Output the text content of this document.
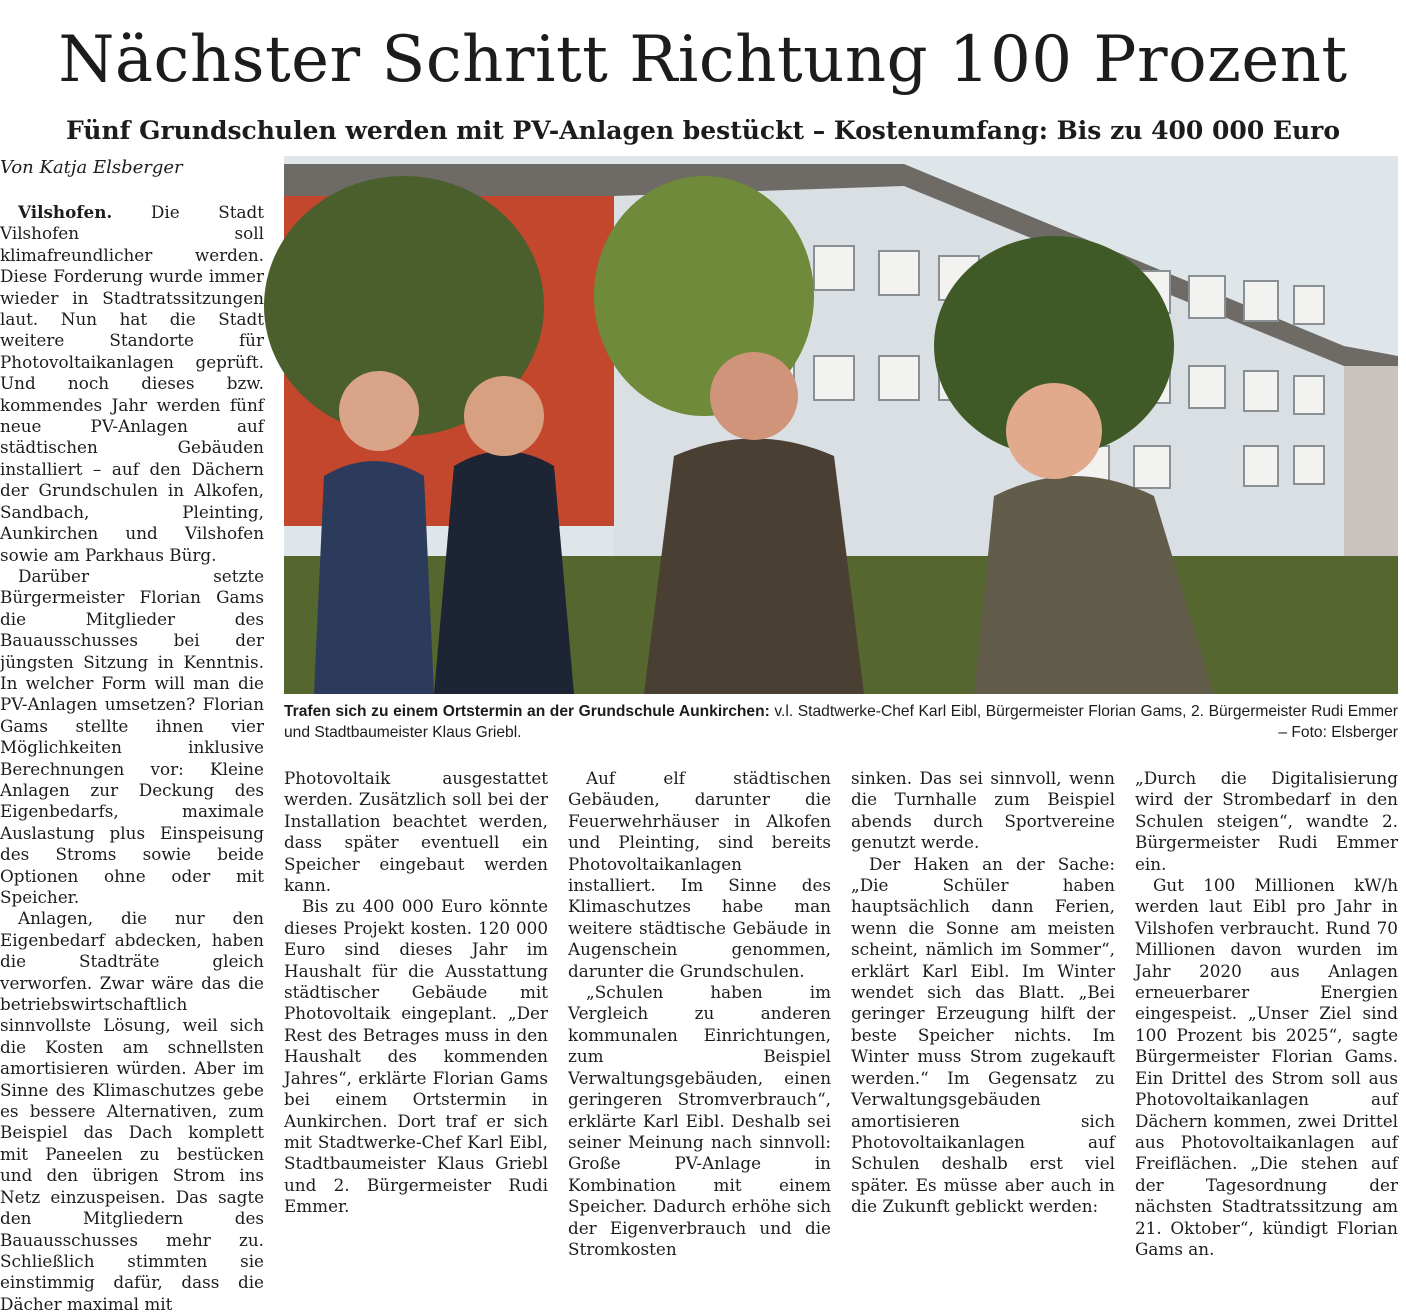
Nächster Schritt Richtung 100 Prozent
Fünf Grundschulen werden mit PV-Anlagen bestückt – Kostenumfang: Bis zu 400 000 Euro
Von Katja Elsberger

Vilshofen. Die Stadt Vilshofen soll klimafreundlicher werden. Diese Forderung wurde immer wieder in Stadtratssitzungen laut. Nun hat die Stadt weitere Standorte für Photovoltaikanlagen geprüft. Und noch dieses bzw. kommendes Jahr werden fünf neue PV-Anlagen auf städtischen Gebäuden installiert – auf den Dächern der Grundschulen in Alkofen, Sandbach, Pleinting, Aunkirchen und Vilshofen sowie am Parkhaus Bürg.

Darüber setzte Bürgermeister Florian Gams die Mitglieder des Bauausschusses bei der jüngsten Sitzung in Kenntnis. In welcher Form will man die PV-Anlagen umsetzen? Florian Gams stellte ihnen vier Möglichkeiten inklusive Berechnungen vor: Kleine Anlagen zur Deckung des Eigenbedarfs, maximale Auslastung plus Einspeisung des Stroms sowie beide Optionen ohne oder mit Speicher.

Anlagen, die nur den Eigenbedarf abdecken, haben die Stadträte gleich verworfen. Zwar wäre das die betriebswirtschaftlich sinnvollste Lösung, weil sich die Kosten am schnellsten amortisieren würden. Aber im Sinne des Klimaschutzes gebe es bessere Alternativen, zum Beispiel das Dach komplett mit Paneelen zu bestücken und den übrigen Strom ins Netz einzuspeisen. Das sagte den Mitgliedern des Bauausschusses mehr zu. Schließlich stimmten sie einstimmig dafür, dass die Dächer maximal mit

Trafen sich zu einem Ortstermin an der Grundschule Aunkirchen: v.l. Stadtwerke-Chef Karl Eibl, Bürgermeister Florian Gams, 2. Bürgermeister Rudi Emmer und Stadtbaumeister Klaus Griebl.	– Foto: Elsberger

Photovoltaik ausgestattet werden. Zusätzlich soll bei der Installation beachtet werden, dass später eventuell ein Speicher eingebaut werden kann.

Bis zu 400 000 Euro könnte dieses Projekt kosten. 120 000 Euro sind dieses Jahr im Haushalt für die Ausstattung städtischer Gebäude mit Photovoltaik eingeplant. „Der Rest des Betrages muss in den Haushalt des kommenden Jahres“, erklärte Florian Gams bei einem Ortstermin in Aunkirchen. Dort traf er sich mit Stadtwerke-Chef Karl Eibl, Stadtbaumeister Klaus Griebl und 2. Bürgermeister Rudi Emmer.

Auf elf städtischen Gebäuden, darunter die Feuerwehrhäuser in Alkofen und Pleinting, sind bereits Photovoltaikanlagen installiert. Im Sinne des Klimaschutzes habe man weitere städtische Gebäude in Augenschein genommen, darunter die Grundschulen.

„Schulen haben im Vergleich zu anderen kommunalen Einrichtungen, zum Beispiel Verwaltungsgebäuden, einen geringeren Stromverbrauch“, erklärte Karl Eibl. Deshalb sei seiner Meinung nach sinnvoll: Große PV-Anlage in Kombination mit einem Speicher. Dadurch erhöhe sich der Eigenverbrauch und die Stromkosten

sinken. Das sei sinnvoll, wenn die Turnhalle zum Beispiel abends durch Sportvereine genutzt werde.

Der Haken an der Sache: „Die Schüler haben hauptsächlich dann Ferien, wenn die Sonne am meisten scheint, nämlich im Sommer“, erklärt Karl Eibl. Im Winter wendet sich das Blatt. „Bei geringer Erzeugung hilft der beste Speicher nichts. Im Winter muss Strom zugekauft werden.“ Im Gegensatz zu Verwaltungsgebäuden amortisieren sich Photovoltaikanlagen auf Schulen deshalb erst viel später. Es müsse aber auch in die Zukunft geblickt werden:

„Durch die Digitalisierung wird der Strombedarf in den Schulen steigen“, wandte 2. Bürgermeister Rudi Emmer ein.

Gut 100 Millionen kW/h werden laut Eibl pro Jahr in Vilshofen verbraucht. Rund 70 Millionen davon wurden im Jahr 2020 aus Anlagen erneuerbarer Energien eingespeist. „Unser Ziel sind 100 Prozent bis 2025“, sagte Bürgermeister Florian Gams. Ein Drittel des Strom soll aus Photovoltaikanlagen auf Dächern kommen, zwei Drittel aus Photovoltaikanlagen auf Freiflächen. „Die stehen auf der Tagesordnung der nächsten Stadtratssitzung am 21. Oktober“, kündigt Florian Gams an.
